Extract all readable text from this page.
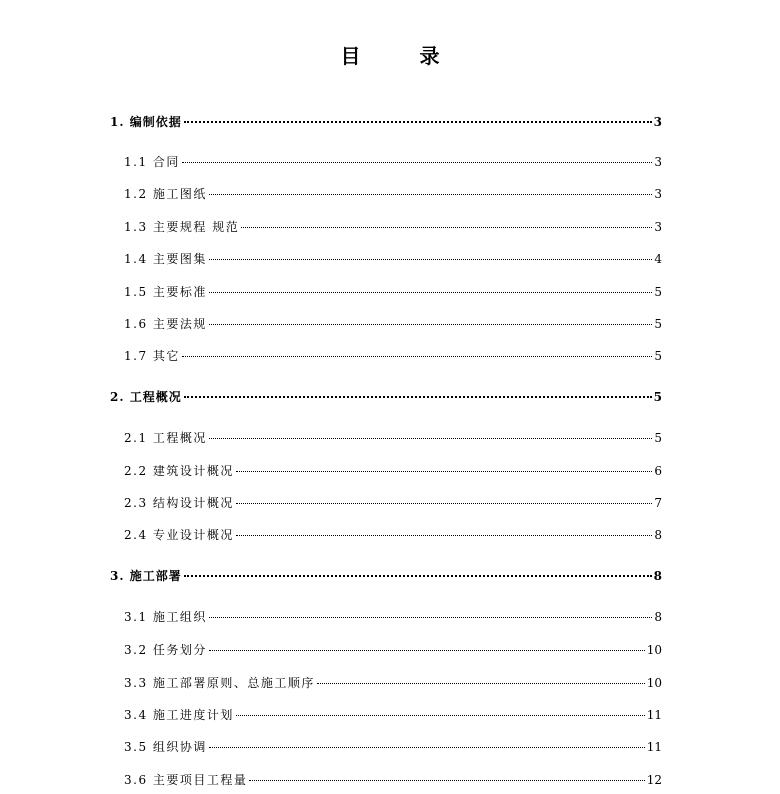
目 录
1. 编制依据	3
1.1 合同	3
1.2 施工图纸	3
1.3 主要规程 规范	3
1.4 主要图集	4
1.5 主要标准	5
1.6 主要法规	5
1.7 其它	5
2. 工程概况	5
2.1 工程概况	5
2.2 建筑设计概况	6
2.3 结构设计概况	7
2.4 专业设计概况	8
3. 施工部署	8
3.1 施工组织	8
3.2 任务划分	10
3.3 施工部署原则、总施工顺序	10
3.4 施工进度计划	11
3.5 组织协调	11
3.6 主要项目工程量	12
